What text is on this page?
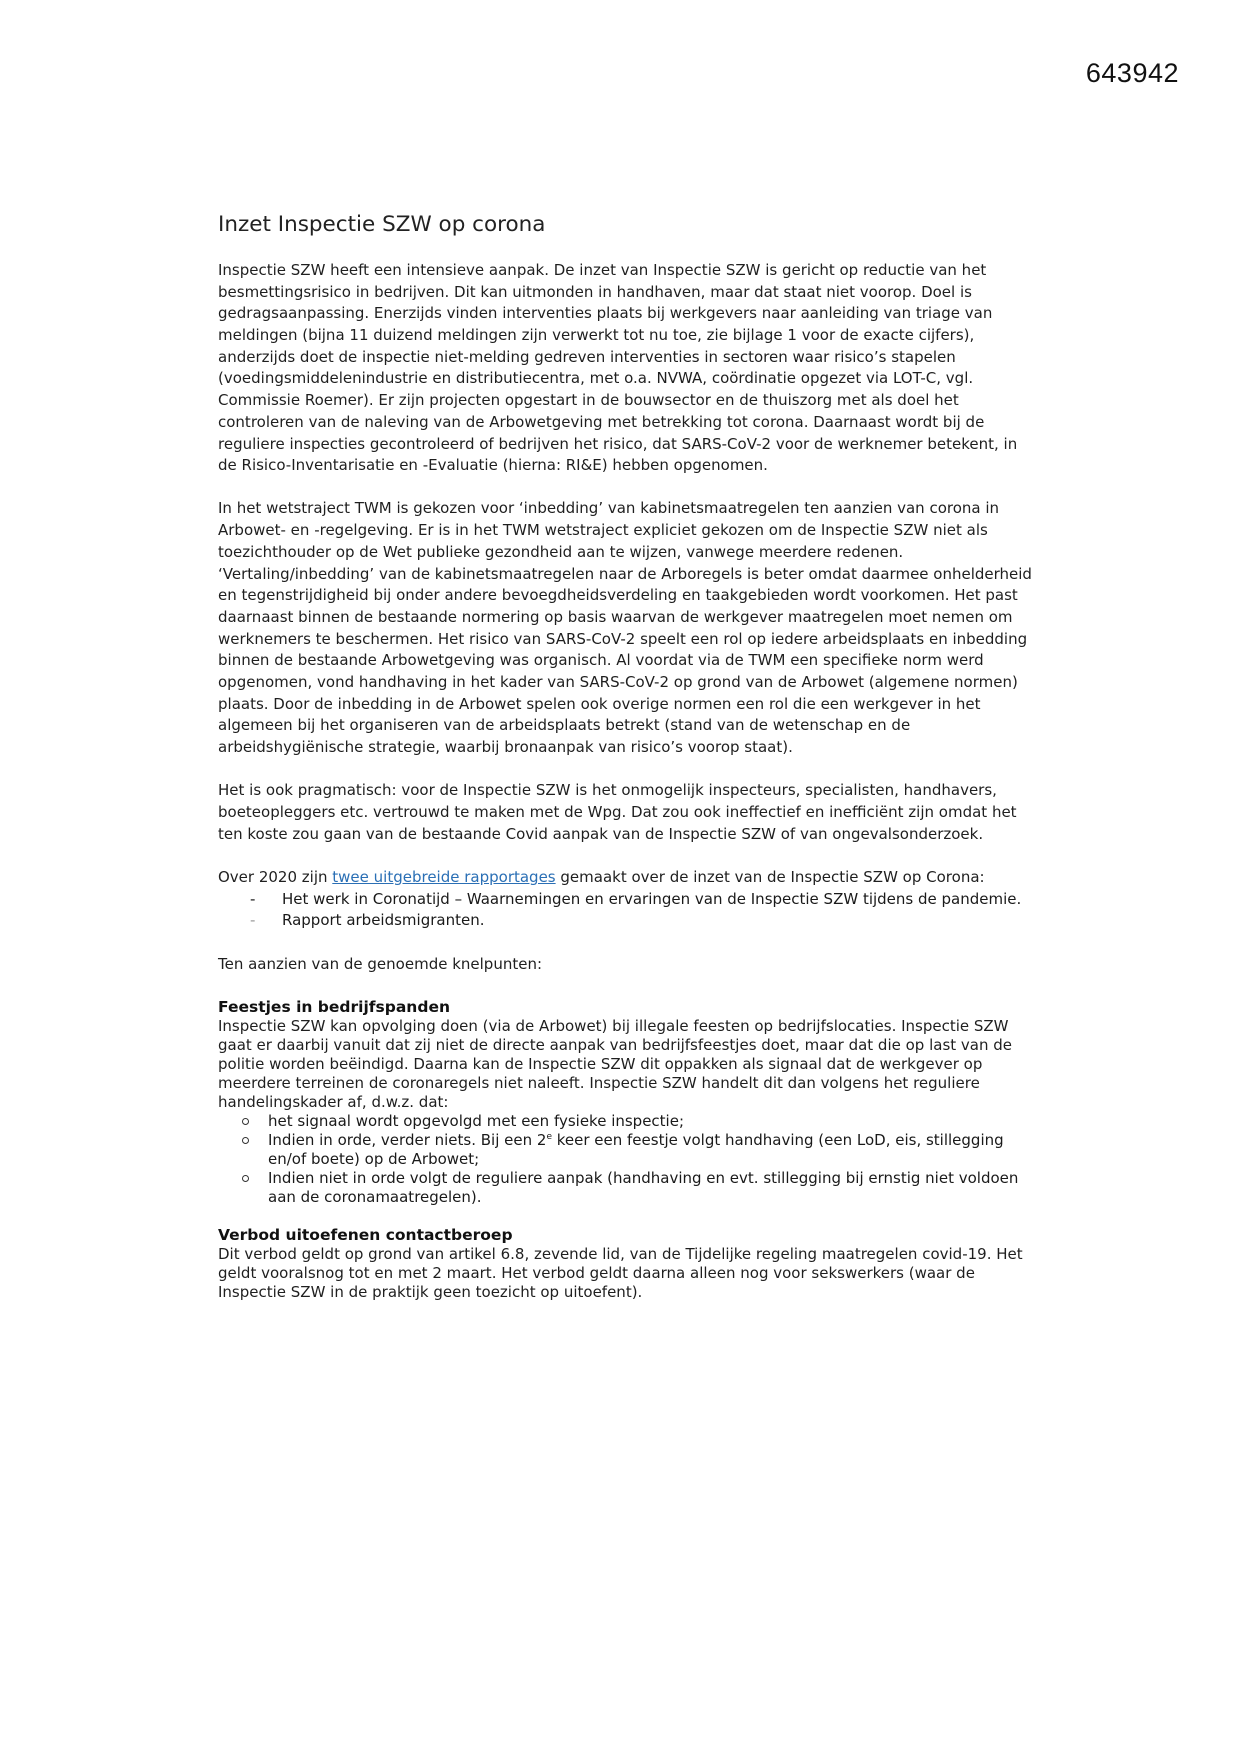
643942
Inzet Inspectie SZW op corona

Inspectie SZW heeft een intensieve aanpak. De inzet van Inspectie SZW is gericht op reductie van het besmettingsrisico in bedrijven. Dit kan uitmonden in handhaven, maar dat staat niet voorop. Doel is gedragsaanpassing. Enerzijds vinden interventies plaats bij werkgevers naar aanleiding van triage van meldingen (bijna 11 duizend meldingen zijn verwerkt tot nu toe, zie bijlage 1 voor de exacte cijfers), anderzijds doet de inspectie niet-melding gedreven interventies in sectoren waar risico’s stapelen (voedingsmiddelenindustrie en distributiecentra, met o.a. NVWA, coördinatie opgezet via LOT-C, vgl. Commissie Roemer). Er zijn projecten opgestart in de bouwsector en de thuiszorg met als doel het controleren van de naleving van de Arbowetgeving met betrekking tot corona. Daarnaast wordt bij de reguliere inspecties gecontroleerd of bedrijven het risico, dat SARS-CoV-2 voor de werknemer betekent, in de Risico-Inventarisatie en -Evaluatie (hierna: RI&E) hebben opgenomen.

In het wetstraject TWM is gekozen voor ‘inbedding’ van kabinetsmaatregelen ten aanzien van corona in Arbowet- en -regelgeving. Er is in het TWM wetstraject expliciet gekozen om de Inspectie SZW niet als toezichthouder op de Wet publieke gezondheid aan te wijzen, vanwege meerdere redenen. ‘Vertaling/inbedding’ van de kabinetsmaatregelen naar de Arboregels is beter omdat daarmee onhelderheid en tegenstrijdigheid bij onder andere bevoegdheidsverdeling en taakgebieden wordt voorkomen. Het past daarnaast binnen de bestaande normering op basis waarvan de werkgever maatregelen moet nemen om werknemers te beschermen. Het risico van SARS-CoV-2 speelt een rol op iedere arbeidsplaats en inbedding binnen de bestaande Arbowetgeving was organisch. Al voordat via de TWM een specifieke norm werd opgenomen, vond handhaving in het kader van SARS-CoV-2 op grond van de Arbowet (algemene normen) plaats. Door de inbedding in de Arbowet spelen ook overige normen een rol die een werkgever in het algemeen bij het organiseren van de arbeidsplaats betrekt (stand van de wetenschap en de arbeidshygiënische strategie, waarbij bronaanpak van risico’s voorop staat).

Het is ook pragmatisch: voor de Inspectie SZW is het onmogelijk inspecteurs, specialisten, handhavers, boeteopleggers etc. vertrouwd te maken met de Wpg. Dat zou ook ineffectief en inefficiënt zijn omdat het ten koste zou gaan van de bestaande Covid aanpak van de Inspectie SZW of van ongevalsonderzoek.

Over 2020 zijn twee uitgebreide rapportages gemaakt over de inzet van de Inspectie SZW op Corona:

-	Het werk in Coronatijd – Waarnemingen en ervaringen van de Inspectie SZW tijdens de pandemie.
-	Rapport arbeidsmigranten.

Ten aanzien van de genoemde knelpunten:

Feestjes in bedrijfspanden

Inspectie SZW kan opvolging doen (via de Arbowet) bij illegale feesten op bedrijfslocaties. Inspectie SZW gaat er daarbij vanuit dat zij niet de directe aanpak van bedrijfsfeestjes doet, maar dat die op last van de politie worden beëindigd. Daarna kan de Inspectie SZW dit oppakken als signaal dat de werkgever op meerdere terreinen de coronaregels niet naleeft. Inspectie SZW handelt dit dan volgens het reguliere handelingskader af, d.w.z. dat:

het signaal wordt opgevolgd met een fysieke inspectie;
Indien in orde, verder niets. Bij een 2e keer een feestje volgt handhaving (een LoD, eis, stillegging en/of boete) op de Arbowet;
Indien niet in orde volgt de reguliere aanpak (handhaving en evt. stillegging bij ernstig niet voldoen aan de coronamaatregelen).
Verbod uitoefenen contactberoep

Dit verbod geldt op grond van artikel 6.8, zevende lid, van de Tijdelijke regeling maatregelen covid-19. Het geldt vooralsnog tot en met 2 maart. Het verbod geldt daarna alleen nog voor sekswerkers (waar de Inspectie SZW in de praktijk geen toezicht op uitoefent).
